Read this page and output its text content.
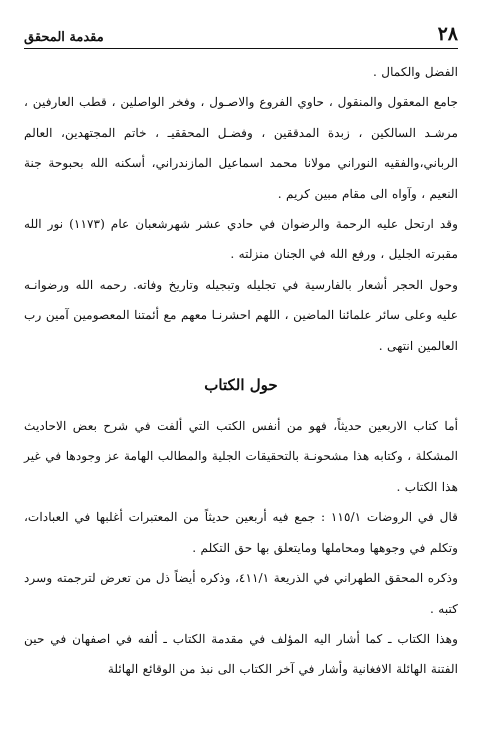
٢٨
مقدمة المحقق

الفضل والكمال .

جامع المعقول والمنقول ، حاوي الفروع والاصـول ، وفخر الواصلين ، قطب العارفين ، مرشـد السالكين ، زبدة المدققين ، وفضـل المحققيـ ، خاتم المجتهدين، العالم الرباني،والفقيه النوراني مولانا محمد اسماعيل المازندراني، أسكنه الله بحبوحة جنة النعيم ، وآواه الى مقام مبين كريم .

وقد ارتحل عليه الرحمة والرضوان في حادي عشر شهرشعبان عام (١١٧٣) نور الله مقبرته الجليل ، ورفع الله في الجنان منزلته .

وحول الحجر أشعار بالفارسية في تجليله وتبجيله وتاريخ وفاته. رحمه الله ورضوانـه عليه وعلى سائر علمائنا الماضين ، اللهم احشرنـا معهم مع أئمتنا المعصومين آمين رب العالمين انتهى .

حول الكتاب

أما كتاب الاربعين حديثاً، فهو من أنفس الكتب التي ألفت في شرح بعض الاحاديث المشكلة ، وكتابه هذا مشحونـة بالتحقيقات الجلية والمطالب الهامة عز وجودها في غير هذا الكتاب .

قال في الروضات ١١٥/١ : جمع فيه أربعين حديثاً من المعتبرات أغلبها في العبادات، وتكلم في وجوهها ومحاملها ومايتعلق بها حق التكلم .

وذكره المحقق الطهراني في الذريعة ٤١١/١، وذكره أيضاً ذل من تعرض لترجمته وسرد كتبه .

وهذا الكتاب ـ كما أشار اليه المؤلف في مقدمة الكتاب ـ ألفه في اصفهان في حين الفتنة الهائلة الافغانية وأشار في آخر الكتاب الى نبذ من الوقائع الهائلة
